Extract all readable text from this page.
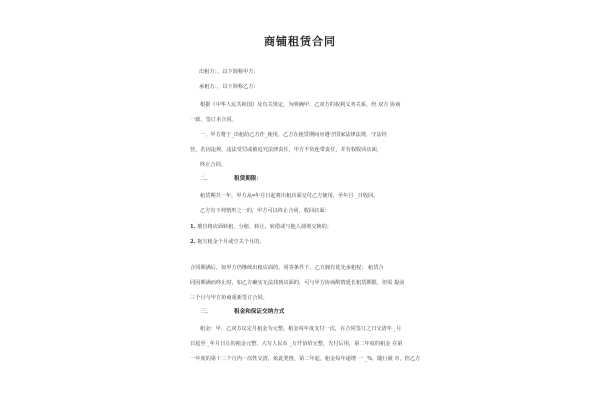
商铺租赁合同
出租方：，以下简称甲方：
承租方：，以下简称乙方：
根据《中华人民共和国》及有关规定，为明确甲、乙双方的权利义务关系，经 双方 协商
一致，签订本合同。
一、甲方将于_出租给乙方作_使用，乙方在租赁期间应遵守国家法律法规，守法经
营，若因违规、违法受罚或被追究法律责任，甲方不负连带责任，并有权收回店面，
终止合同。
二、	租赁期限：
租赁期共一年，甲方从━年月日起将出租店面交付乙方使用，至年月 _日收回。
乙方有下列情形之一的，甲方可以终止合同，收回店面：
1. 擅自将店面转租、分租、转让、转借或与他人调剂交换的；
2. 拖欠租金个月或空关个月的。
合同期满后，如甲方仍继续出租店面的，同等条件下，乙方拥有优先承租权； 租赁合
同因期满而终止时，如乙方确实无法找到店面的，可与甲方协商酌情延长租赁期限，但需 提前
三个月与甲方协商重新签订合同。
三、	租金和保证交纳方式
租金：甲、乙双方议定月租金为元整，租金每年度支付一次，在合同签订之日交清年 _月
日起至 _年月日止的租金元整，大写人民币 _万仟佰拾元整，先付后用，第二年度的租金 在第
一年度的第十二个月内一次性交清，依此类推，第二年起，租金每年递增 一 _%，随行就 市，但乙方
